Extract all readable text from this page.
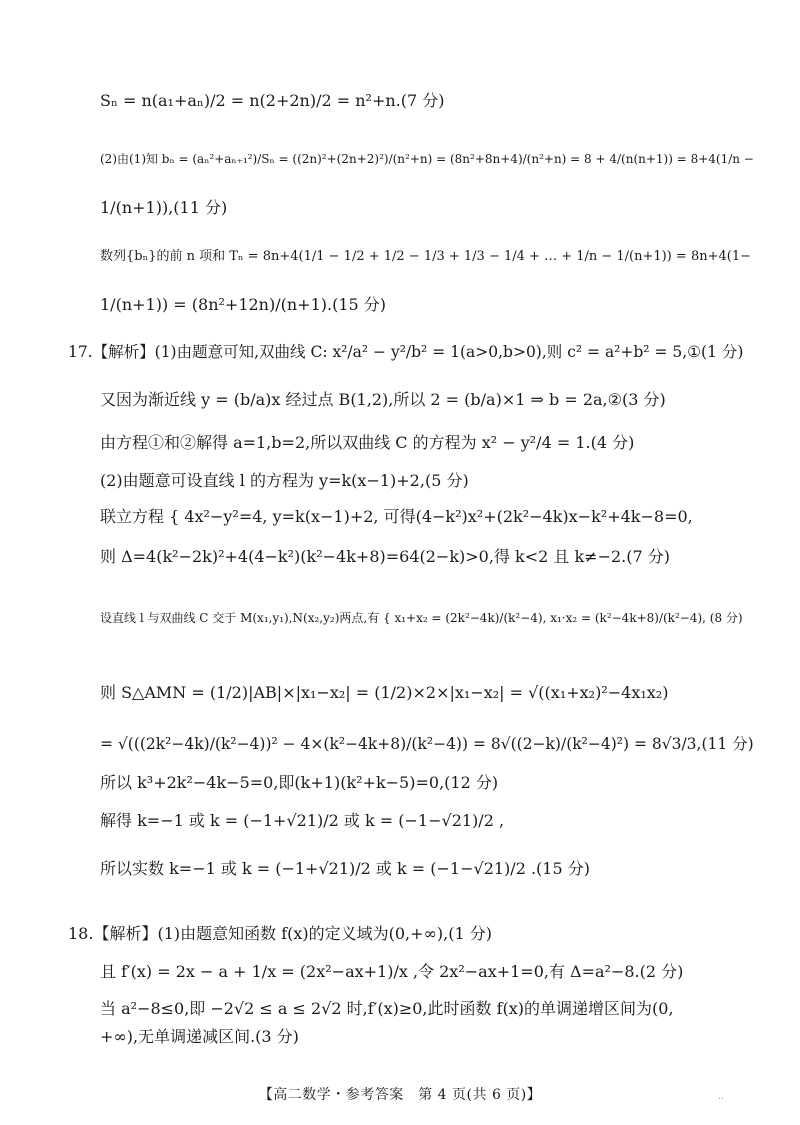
Sₙ = n(a₁+aₙ)/2 = n(2+2n)/2 = n²+n.(7 分)
(2)由(1)知 bₙ = (aₙ²+aₙ₊₁²)/Sₙ = ((2n)²+(2n+2)²)/(n²+n) = (8n²+8n+4)/(n²+n) = 8 + 4/(n(n+1)) = 8+4(1/n −
1/(n+1)),(11 分)
数列{bₙ}的前 n 项和 Tₙ = 8n+4(1/1 − 1/2 + 1/2 − 1/3 + 1/3 − 1/4 + … + 1/n − 1/(n+1)) = 8n+4(1−
1/(n+1)) = (8n²+12n)/(n+1).(15 分)
17.【解析】(1)由题意可知,双曲线 C: x²/a² − y²/b² = 1(a>0,b>0),则 c² = a²+b² = 5,①(1 分)
又因为渐近线 y = (b/a)x 经过点 B(1,2),所以 2 = (b/a)×1 ⇒ b = 2a,②(3 分)
由方程①和②解得 a=1,b=2,所以双曲线 C 的方程为 x² − y²/4 = 1.(4 分)
(2)由题意可设直线 l 的方程为 y=k(x−1)+2,(5 分)
联立方程 { 4x²−y²=4, y=k(x−1)+2, 可得(4−k²)x²+(2k²−4k)x−k²+4k−8=0,
则 Δ=4(k²−2k)²+4(4−k²)(k²−4k+8)=64(2−k)>0,得 k<2 且 k≠−2.(7 分)
设直线 l 与双曲线 C 交于 M(x₁,y₁),N(x₂,y₂)两点,有 { x₁+x₂ = (2k²−4k)/(k²−4), x₁·x₂ = (k²−4k+8)/(k²−4), (8 分)
则 S△AMN = (1/2)|AB|×|x₁−x₂| = (1/2)×2×|x₁−x₂| = √((x₁+x₂)²−4x₁x₂)
= √(((2k²−4k)/(k²−4))² − 4×(k²−4k+8)/(k²−4)) = 8√((2−k)/(k²−4)²) = 8√3/3,(11 分)
所以 k³+2k²−4k−5=0,即(k+1)(k²+k−5)=0,(12 分)
解得 k=−1 或 k = (−1+√21)/2 或 k = (−1−√21)/2 ,
所以实数 k=−1 或 k = (−1+√21)/2 或 k = (−1−√21)/2 .(15 分)
18.【解析】(1)由题意知函数 f(x)的定义域为(0,+∞),(1 分)
且 f′(x) = 2x − a + 1/x = (2x²−ax+1)/x ,令 2x²−ax+1=0,有 Δ=a²−8.(2 分)
当 a²−8≤0,即 −2√2 ≤ a ≤ 2√2 时,f′(x)≥0,此时函数 f(x)的单调递增区间为(0,
+∞),无单调递减区间.(3 分)
【高二数学・参考答案　第 4 页(共 6 页)】	‥
